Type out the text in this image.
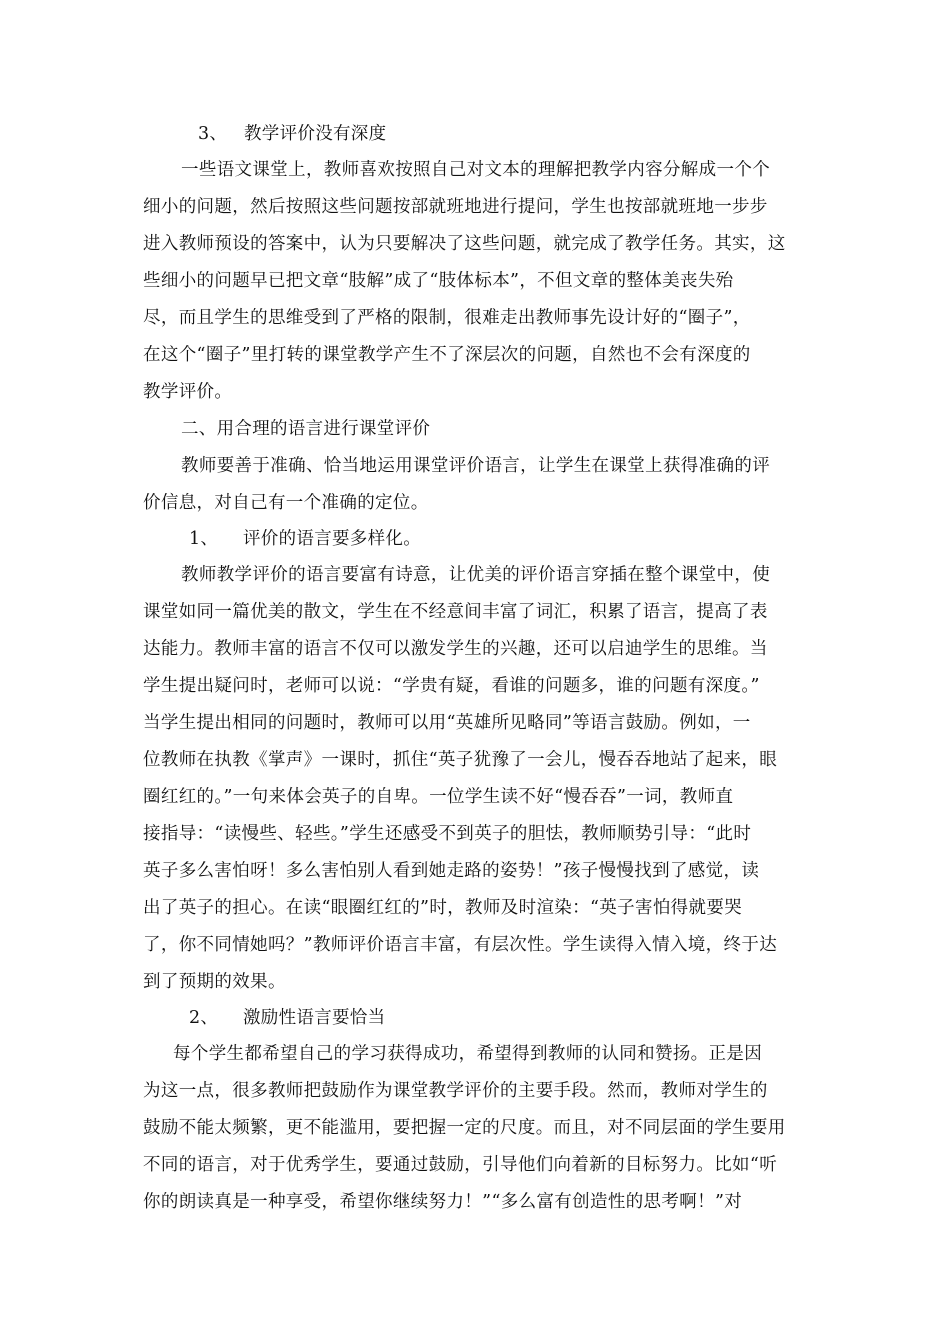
3、 教学评价没有深度
一些语文课堂上，教师喜欢按照自己对文本的理解把教学内容分解成一个个
细小的问题，然后按照这些问题按部就班地进行提问，学生也按部就班地一步步
进入教师预设的答案中，认为只要解决了这些问题，就完成了教学任务。其实，这
些细小的问题早已把文章“肢解”成了“肢体标本”，不但文章的整体美丧失殆
尽，而且学生的思维受到了严格的限制，很难走出教师事先设计好的“圈子”，
在这个“圈子”里打转的课堂教学产生不了深层次的问题，自然也不会有深度的
教学评价。
二、用合理的语言进行课堂评价
教师要善于准确、恰当地运用课堂评价语言，让学生在课堂上获得准确的评
价信息，对自己有一个准确的定位。
1、 评价的语言要多样化。
教师教学评价的语言要富有诗意，让优美的评价语言穿插在整个课堂中，使
课堂如同一篇优美的散文，学生在不经意间丰富了词汇，积累了语言，提高了表
达能力。教师丰富的语言不仅可以激发学生的兴趣，还可以启迪学生的思维。当
学生提出疑问时，老师可以说：“学贵有疑，看谁的问题多，谁的问题有深度。”
当学生提出相同的问题时，教师可以用“英雄所见略同”等语言鼓励。例如，一
位教师在执教《掌声》一课时，抓住“英子犹豫了一会儿，慢吞吞地站了起来，眼
圈红红的。”一句来体会英子的自卑。一位学生读不好“慢吞吞”一词，教师直
接指导：“读慢些、轻些。”学生还感受不到英子的胆怯，教师顺势引导：“此时
英子多么害怕呀！多么害怕别人看到她走路的姿势！”孩子慢慢找到了感觉，读
出了英子的担心。在读“眼圈红红的”时，教师及时渲染：“英子害怕得就要哭
了，你不同情她吗？”教师评价语言丰富，有层次性。学生读得入情入境，终于达
到了预期的效果。
2、 激励性语言要恰当
每个学生都希望自己的学习获得成功，希望得到教师的认同和赞扬。正是因
为这一点，很多教师把鼓励作为课堂教学评价的主要手段。然而，教师对学生的
鼓励不能太频繁，更不能滥用，要把握一定的尺度。而且，对不同层面的学生要用
不同的语言，对于优秀学生，要通过鼓励，引导他们向着新的目标努力。比如“听
你的朗读真是一种享受，希望你继续努力！”“多么富有创造性的思考啊！”对
